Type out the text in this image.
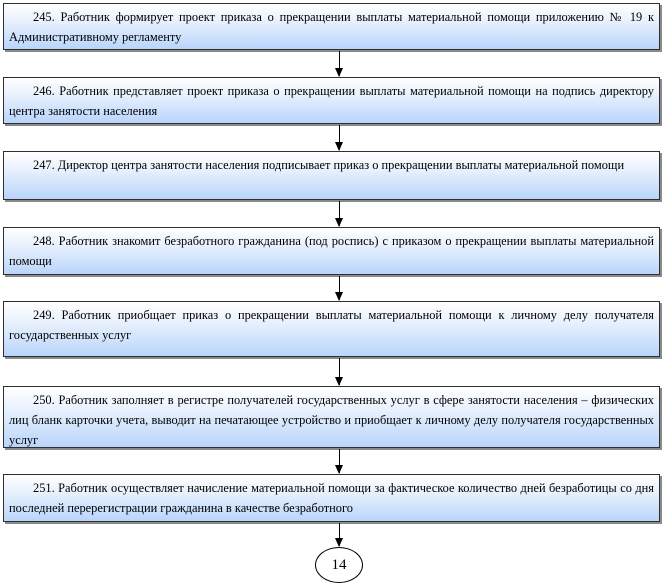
245. Работник формирует проект приказа о прекращении выплаты материальной помощи приложению № 19 к Административному регламенту
246. Работник представляет проект приказа о прекращении выплаты материальной помощи на подпись директору центра занятости населения
247. Директор центра занятости населения подписывает приказ о прекращении выплаты материальной помощи
248. Работник знакомит безработного гражданина (под роспись) с приказом о прекращении выплаты материальной помощи
249. Работник приобщает приказ о прекращении выплаты материальной помощи к личному делу получателя государственных услуг
250. Работник заполняет в регистре получателей государственных услуг в сфере занятости населения – физических лиц бланк карточки учета, выводит на печатающее устройство и приобщает к личному делу получателя государственных услуг
251. Работник осуществляет начисление материальной помощи за фактическое количество дней безработицы со дня последней перерегистрации гражданина в качестве безработного
14
